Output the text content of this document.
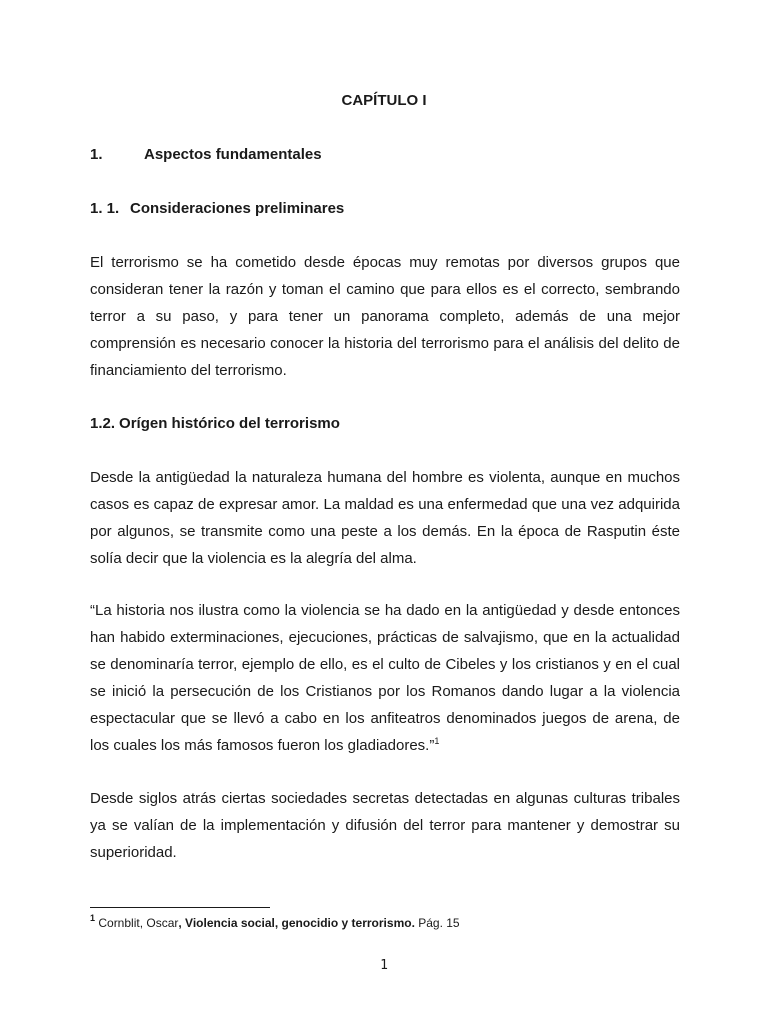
CAPÍTULO I
1.	Aspectos fundamentales
1. 1. Consideraciones preliminares

El terrorismo se ha cometido desde épocas muy remotas por diversos grupos que consideran tener la razón y toman el camino que para ellos es el correcto, sembrando terror a su paso, y para tener un panorama completo, además de una mejor comprensión es necesario conocer la historia del terrorismo para el análisis del delito de financiamiento del terrorismo.

1.2. Orígen histórico del terrorismo

Desde la antigüedad la naturaleza humana del hombre es violenta, aunque en muchos casos es capaz de expresar amor. La maldad es una enfermedad que una vez adquirida por algunos, se transmite como una peste a los demás. En la época de Rasputin éste solía decir que la violencia es la alegría del alma.

“La historia nos ilustra como la violencia se ha dado en la antigüedad y desde entonces han habido exterminaciones, ejecuciones, prácticas de salvajismo, que en la actualidad se denominaría terror, ejemplo de ello, es el culto de Cibeles y los cristianos y en el cual se inició la persecución de los Cristianos por los Romanos dando lugar a la violencia espectacular que se llevó a cabo en los anfiteatros denominados juegos de arena, de los cuales los más famosos fueron los gladiadores.”$^1$

Desde siglos atrás ciertas sociedades secretas detectadas en algunas culturas tribales ya se valían de la implementación y difusión del terror para mantener y demostrar su superioridad.

$^1$ Cornblit, Oscar, Violencia social, genocidio y terrorismo. Pág. 15
1
